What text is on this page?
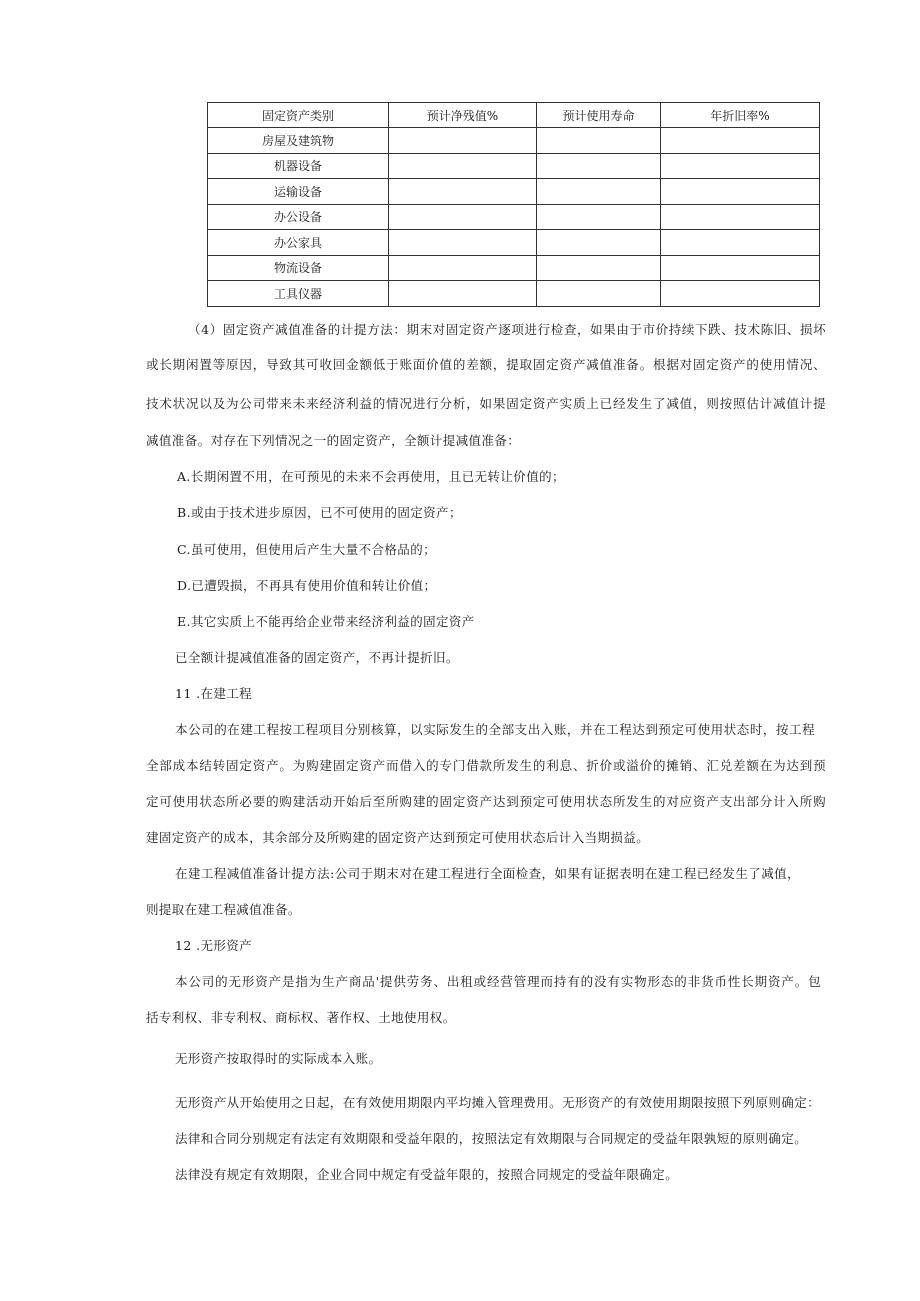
固定资产类别	预计净残值%	预计使用寿命	年折旧率%
房屋及建筑物			
机器设备			
运输设备			
办公设备			
办公家具			
物流设备			
工具仪器			
（4）固定资产减值准备的计提方法：期末对固定资产逐项进行检查，如果由于市价持续下跌、技术陈旧、损坏
或长期闲置等原因，导致其可收回金额低于账面价值的差额，提取固定资产减值准备。根据对固定资产的使用情况、
技术状况以及为公司带来未来经济利益的情况进行分析，如果固定资产实质上已经发生了减值，则按照估计减值计提
减值准备。对存在下列情况之一的固定资产，全额计提减值准备：
A.长期闲置不用，在可预见的未来不会再使用，且已无转让价值的；
B.或由于技术进步原因，已不可使用的固定资产；
C.虽可使用，但使用后产生大量不合格品的；
D.已遭毁损，不再具有使用价值和转让价值；
E.其它实质上不能再给企业带来经济利益的固定资产
已全额计提减值准备的固定资产，不再计提折旧。
11 .在建工程
本公司的在建工程按工程项目分别核算，以实际发生的全部支出入账，并在工程达到预定可使用状态时，按工程
全部成本结转固定资产。为购建固定资产而借入的专门借款所发生的利息、折价或溢价的摊销、汇兑差额在为达到预
定可使用状态所必要的购建活动开始后至所购建的固定资产达到预定可使用状态所发生的对应资产支出部分计入所购
建固定资产的成本，其余部分及所购建的固定资产达到预定可使用状态后计入当期损益。
在建工程减值准备计提方法:公司于期末对在建工程进行全面检查，如果有证据表明在建工程已经发生了减值，
则提取在建工程减值准备。
12 .无形资产
本公司的无形资产是指为生产商品'提供劳务、出租或经营管理而持有的没有实物形态的非货币性长期资产。包
括专利权、非专利权、商标权、著作权、土地使用权。
无形资产按取得时的实际成本入账。
无形资产从开始使用之日起，在有效使用期限内平均摊入管理费用。无形资产的有效使用期限按照下列原则确定：
法律和合同分别规定有法定有效期限和受益年限的，按照法定有效期限与合同规定的受益年限孰短的原则确定。
法律没有规定有效期限，企业合同中规定有受益年限的，按照合同规定的受益年限确定。
